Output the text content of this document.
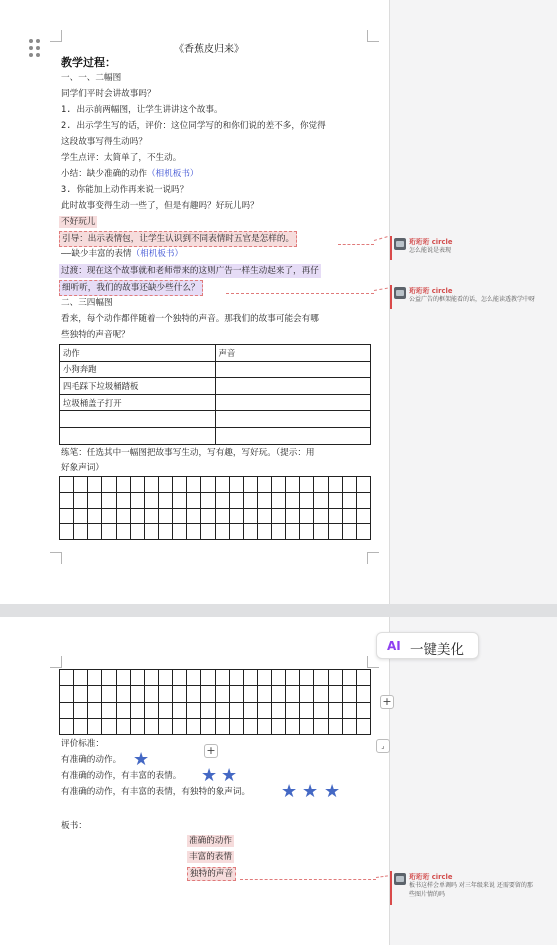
《香蕉皮归来》
教学过程：
一、一、二幅图
同学们平时会讲故事吗？
1. 出示前两幅图，让学生讲讲这个故事。
2. 出示学生写的话，评价：这位同学写的和你们说的差不多，你觉得
这段故事写得生动吗？
学生点评：太简单了，不生动。
小结：缺少准确的动作（相机板书）
3. 你能加上动作再来说一说吗？
此时故事变得生动一些了，但是有趣吗？好玩儿吗？
不好玩儿
引导：出示表情包，让学生认识到不同表情时五官是怎样的。
——缺少丰富的表情（相机板书）
过渡：现在这个故事就和老师带来的这则广告一样生动起来了，再仔
细听听，我们的故事还缺少些什么？
二、三四幅图
看来，每个动作都伴随着一个独特的声音。那我们的故事可能会有哪
些独特的声音呢？
动作	声音
小狗奔跑	
四毛踩下垃圾桶踏板	
垃圾桶盖子打开	

练笔：任选其中一幅图把故事写生动，写有趣，写好玩。（提示：用
好象声词）
评价标准：
有准确的动作。
有准确的动作，有丰富的表情。
有准确的动作，有丰富的表情，有独特的象声词。
★
★ ★
★ ★ ★
板书：
准确的动作
丰富的表情
独特的声音
珩珩珩 circle
怎么能说是表现
珩珩珩 circle
公益广告的框架能看的话，怎么能读透教学中呀
珩珩珩 circle
板书这样会单调吗 对三年级来说 还需要留的那
些图片情的吗
AI 一键美化
+
⌟
+
